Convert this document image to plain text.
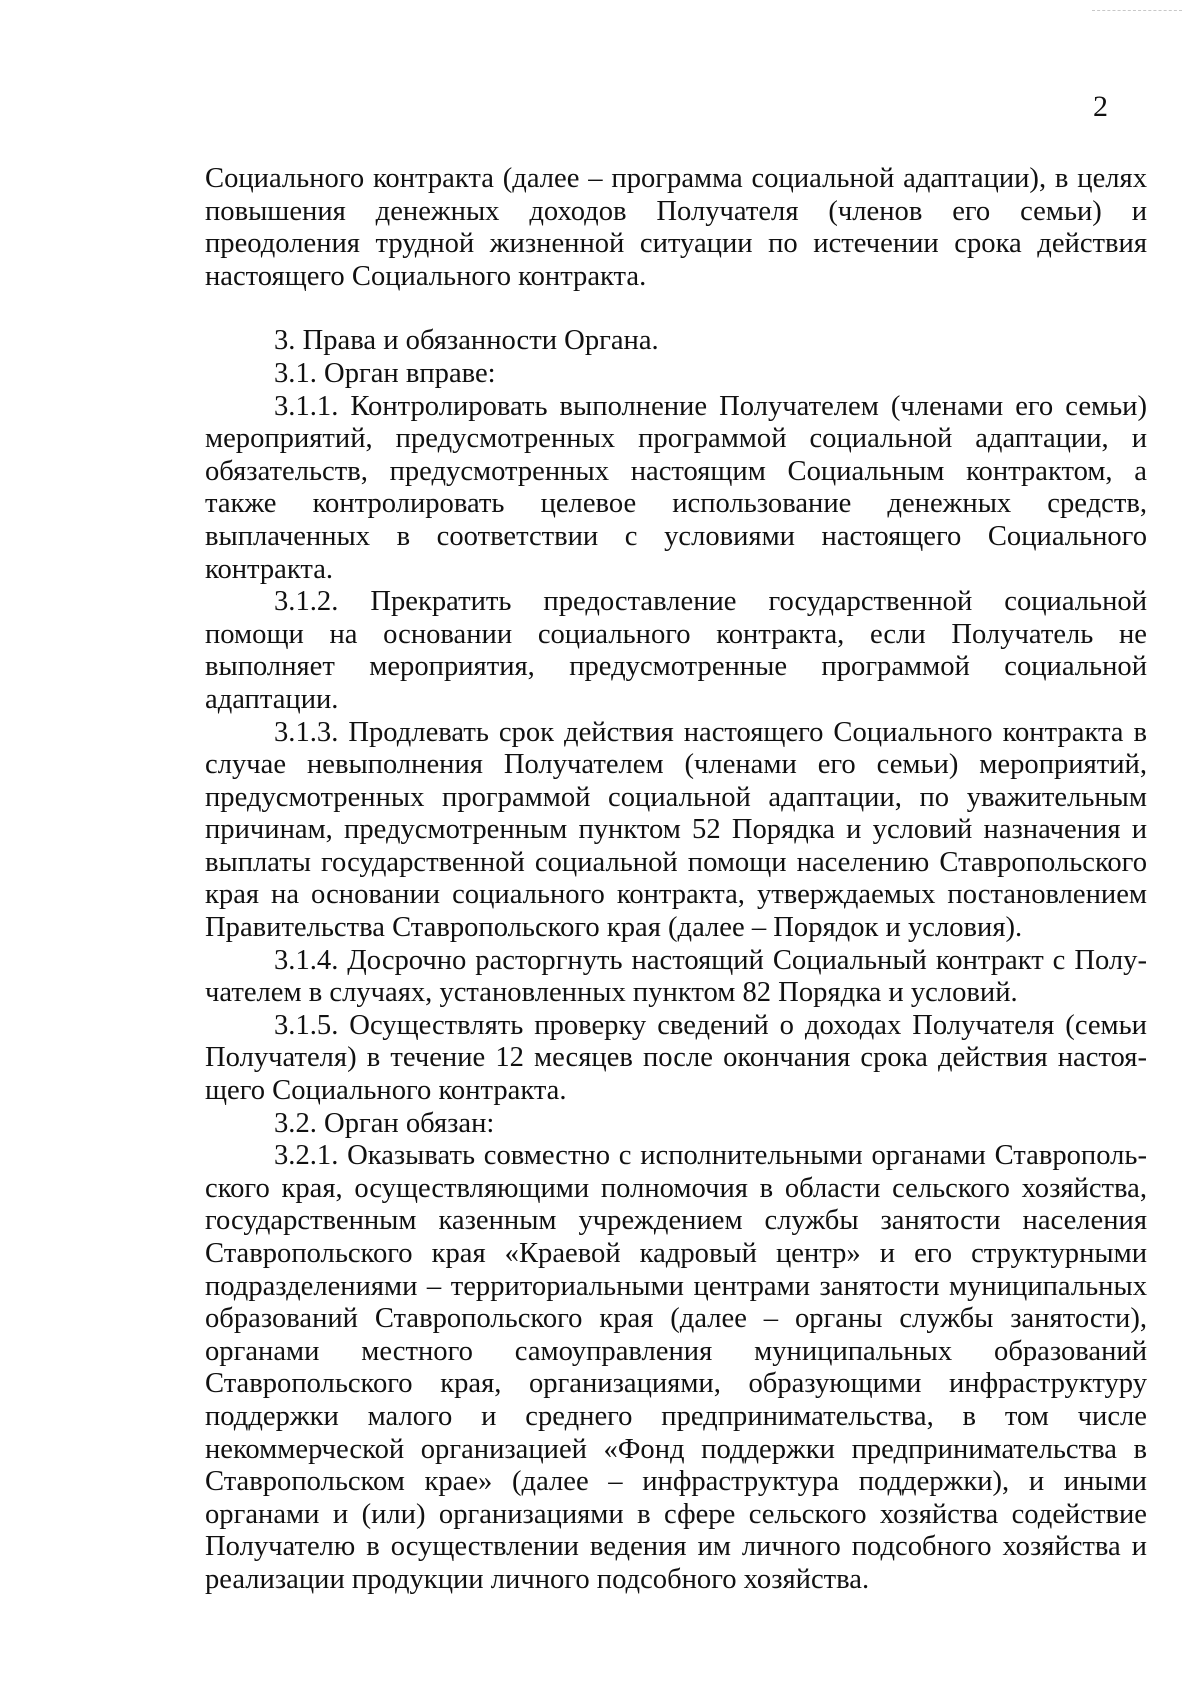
2

Социального контракта (далее – программа социальной адаптации), в целях повышения денежных доходов Получателя (членов его семьи) и преодоления трудной жизненной ситуации по истечении срока действия настоящего Социального контракта.

3. Права и обязанности Органа.

3.1. Орган вправе:

3.1.1. Контролировать выполнение Получателем (членами его семьи) мероприятий, предусмотренных программой социальной адаптации, и обязательств, предусмотренных настоящим Социальным контрактом, а также контролировать целевое использование денежных средств, выплаченных в соответствии с условиями настоящего Социального контракта.

3.1.2. Прекратить предоставление государственной социальной помощи на основании социального контракта, если Получатель не выполняет мероприятия, предусмотренные программой социальной адаптации.

3.1.3. Продлевать срок действия настоящего Социального контракта в случае невыполнения Получателем (членами его семьи) мероприятий, предусмотренных программой социальной адаптации, по уважительным причинам, предусмотренным пунктом 52 Порядка и условий назначения и выплаты государственной социальной помощи населению Ставропольского края на основании социального контракта, утверждаемых постановлением Правительства Ставропольского края (далее – Порядок и условия).

3.1.4. Досрочно расторгнуть настоящий Социальный контракт с Получателем в случаях, установленных пунктом 82 Порядка и условий.

3.1.5. Осуществлять проверку сведений о доходах Получателя (семьи Получателя) в течение 12 месяцев после окончания срока действия настоящего Социального контракта.

3.2. Орган обязан:

3.2.1. Оказывать совместно с исполнительными органами Ставропольского края, осуществляющими полномочия в области сельского хозяйства, государственным казенным учреждением службы занятости населения Ставропольского края «Краевой кадровый центр» и его структурными подразделениями – территориальными центрами занятости муниципальных образований Ставропольского края (далее – органы службы занятости), органами местного самоуправления муниципальных образований Ставропольского края, организациями, образующими инфраструктуру поддержки малого и среднего предпринимательства, в том числе некоммерческой организацией «Фонд поддержки предпринимательства в Ставропольском крае» (далее – инфраструктура поддержки), и иными органами и (или) организациями в сфере сельского хозяйства содействие Получателю в осуществлении ведения им личного подсобного хозяйства и реализации продукции личного подсобного хозяйства.
